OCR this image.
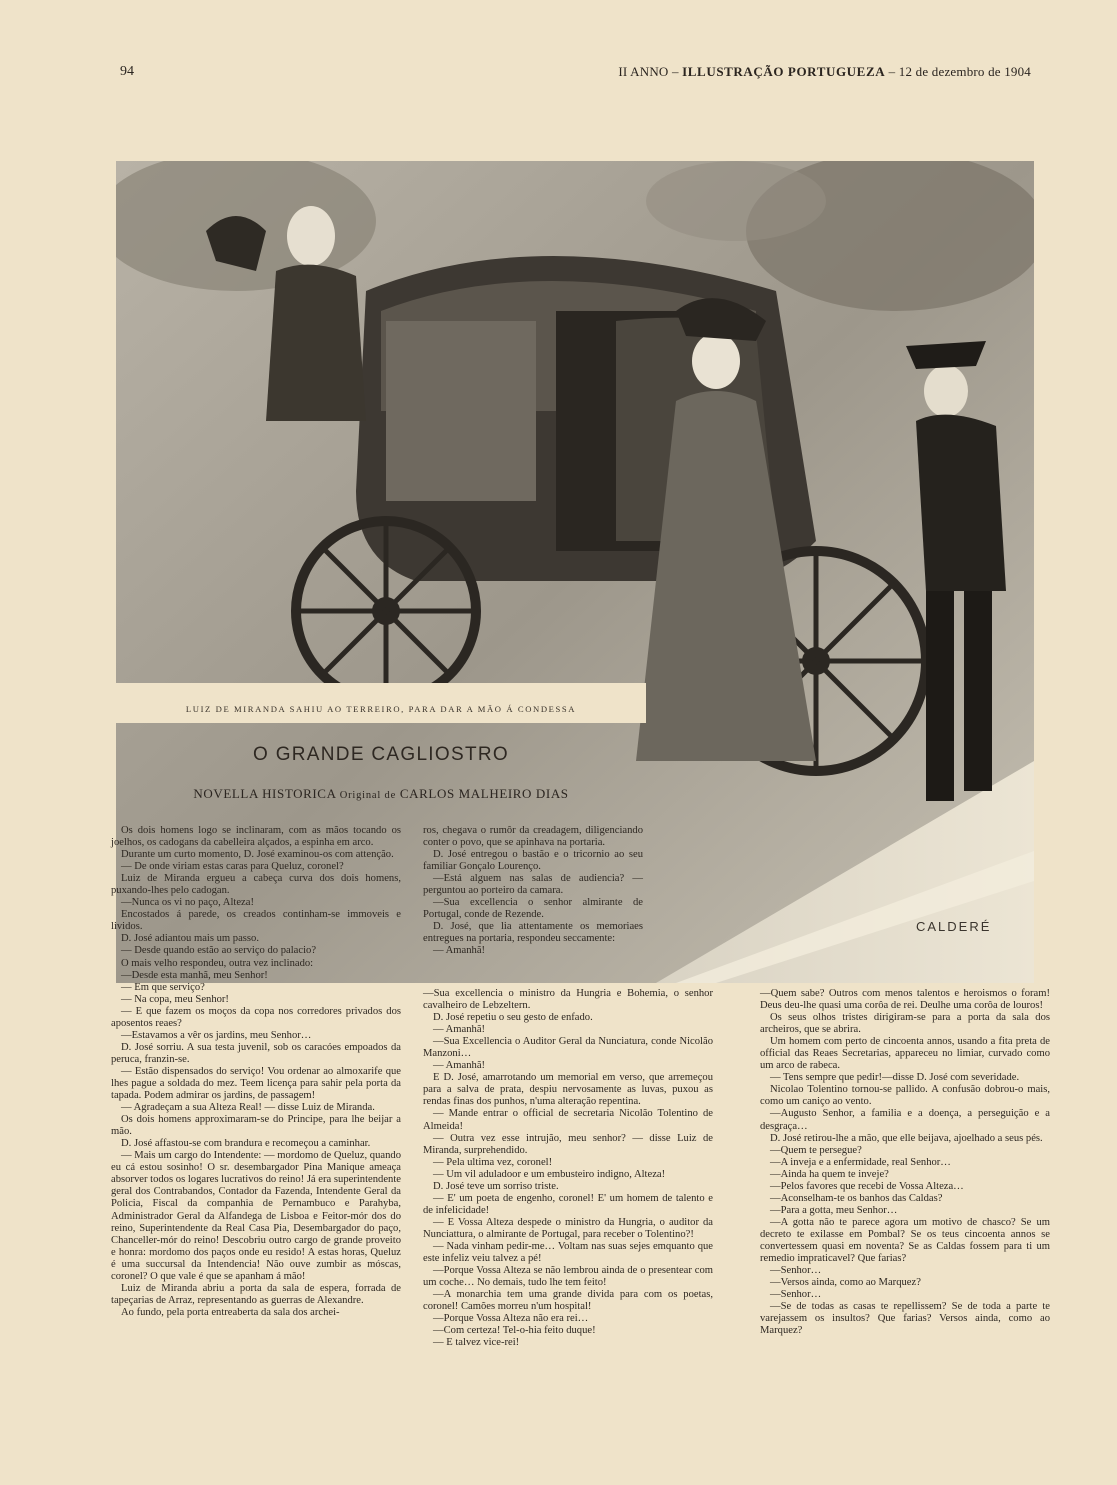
94	II ANNO – ILLUSTRAÇÃO PORTUGUEZA – 12 de dezembro de 1904
CALDERÉ
LUIZ DE MIRANDA SAHIU AO TERREIRO, PARA DAR A MÃO Á CONDESSA
O GRANDE CAGLIOSTRO
NOVELLA HISTORICA Original de CARLOS MALHEIRO DIAS

Os dois homens logo se inclinaram, com as mãos tocando os joelhos, os cadogans da cabelleira alçados, a espinha em arco.

Durante um curto momento, D. José examinou-os com attenção.

— De onde viriam estas caras para Queluz, coronel?

Luiz de Miranda ergueu a cabeça curva dos dois homens, puxando-lhes pelo cadogan.

—Nunca os vi no paço, Alteza!

Encostados á parede, os creados continham-se immoveis e lividos.

D. José adiantou mais um passo.

— Desde quando estão ao serviço do palacio?

O mais velho respondeu, outra vez inclinado:

—Desde esta manhã, meu Senhor!

— Em que serviço?

— Na copa, meu Senhor!

— E que fazem os moços da copa nos corredores privados dos aposentos reaes?

—Estavamos a vêr os jardins, meu Senhor…

D. José sorriu. A sua testa juvenil, sob os caracóes empoados da peruca, franzin-se.

— Estão dispensados do serviço! Vou ordenar ao almoxarife que lhes pague a soldada do mez. Teem licença para sahir pela porta da tapada. Podem admirar os jardins, de passagem!

— Agradeçam a sua Alteza Real! — disse Luiz de Miranda.

Os dois homens approximaram-se do Principe, para lhe beijar a mão.

D. José affastou-se com brandura e recomeçou a caminhar.

— Mais um cargo do Intendente: — mordomo de Queluz, quando eu cá estou sosinho! O sr. desembargador Pina Manique ameaça absorver todos os logares lucrativos do reino! Já era superintendente geral dos Contrabandos, Contador da Fazenda, Intendente Geral da Policia, Fiscal da companhia de Pernambuco e Parahyba, Administrador Geral da Alfandega de Lisboa e Feitor-mór dos do reino, Superintendente da Real Casa Pia, Desembargador do paço, Chanceller-mór do reino! Descobriu outro cargo de grande proveito e honra: mordomo dos paços onde eu resido! A estas horas, Queluz é uma succursal da Intendencia! Não ouve zumbir as móscas, coronel? O que vale é que se apanham á mão!

Luiz de Miranda abriu a porta da sala de espera, forrada de tapeçarias de Arraz, representando as guerras de Alexandre.

Ao fundo, pela porta entreaberta da sala dos archei-

ros, chegava o rumôr da creadagem, diligenciando conter o povo, que se apinhava na portaria.

D. José entregou o bastão e o tricornio ao seu familiar Gonçalo Lourenço.

—Está alguem nas salas de audiencia? — perguntou ao porteiro da camara.

—Sua excellencia o senhor almirante de Portugal, conde de Rezende.

D. José, que lia attentamente os memoriaes entregues na portaria, respondeu seccamente:

— Amanhã!

—Sua excellencia o ministro da Hungria e Bohemia, o senhor cavalheiro de Lebzeltern.

D. José repetiu o seu gesto de enfado.

— Amanhã!

—Sua Excellencia o Auditor Geral da Nunciatura, conde Nicolão Manzoni…

— Amanhã!

E D. José, amarrotando um memorial em verso, que arremeçou para a salva de prata, despiu nervosamente as luvas, puxou as rendas finas dos punhos, n'uma alteração repentina.

— Mande entrar o official de secretaria Nicolão Tolentino de Almeida!

— Outra vez esse intrujão, meu senhor? — disse Luiz de Miranda, surprehendido.

— Pela ultima vez, coronel!

— Um vil aduladoor e um embusteiro indigno, Alteza!

D. José teve um sorriso triste.

— E' um poeta de engenho, coronel! E' um homem de talento e de infelicidade!

— E Vossa Alteza despede o ministro da Hungria, o auditor da Nunciattura, o almirante de Portugal, para receber o Tolentino?!

— Nada vinham pedir-me… Voltam nas suas sejes emquanto que este infeliz veiu talvez a pé!

—Porque Vossa Alteza se não lembrou ainda de o presentear com um coche… No demais, tudo lhe tem feito!

—A monarchia tem uma grande divida para com os poetas, coronel! Camões morreu n'um hospital!

—Porque Vossa Alteza não era rei…

—Com certeza! Tel-o-hia feito duque!

— E talvez vice-rei!

—Quem sabe? Outros com menos talentos e heroismos o foram! Deus deu-lhe quasi uma corôa de rei. Deulhe uma corôa de louros!

Os seus olhos tristes dirigiram-se para a porta da sala dos archeiros, que se abrira.

Um homem com perto de cincoenta annos, usando a fita preta de official das Reaes Secretarias, appareceu no limiar, curvado como um arco de rabeca.

— Tens sempre que pedir!—disse D. José com severidade.

Nicolao Tolentino tornou-se pallido. A confusão dobrou-o mais, como um caniço ao vento.

—Augusto Senhor, a familia e a doença, a perseguição e a desgraça…

D. José retirou-lhe a mão, que elle beijava, ajoelhado a seus pés.

—Quem te persegue?

—A inveja e a enfermidade, real Senhor…

—Ainda ha quem te inveje?

—Pelos favores que recebi de Vossa Alteza…

—Aconselham-te os banhos das Caldas?

—Para a gotta, meu Senhor…

—A gotta não te parece agora um motivo de chasco? Se um decreto te exilasse em Pombal? Se os teus cincoenta annos se convertessem quasi em noventa? Se as Caldas fossem para ti um remedio impraticavel? Que farias?

—Senhor…

—Versos ainda, como ao Marquez?

—Senhor…

—Se de todas as casas te repellissem? Se de toda a parte te varejassem os insultos? Que farias? Versos ainda, como ao Marquez?
